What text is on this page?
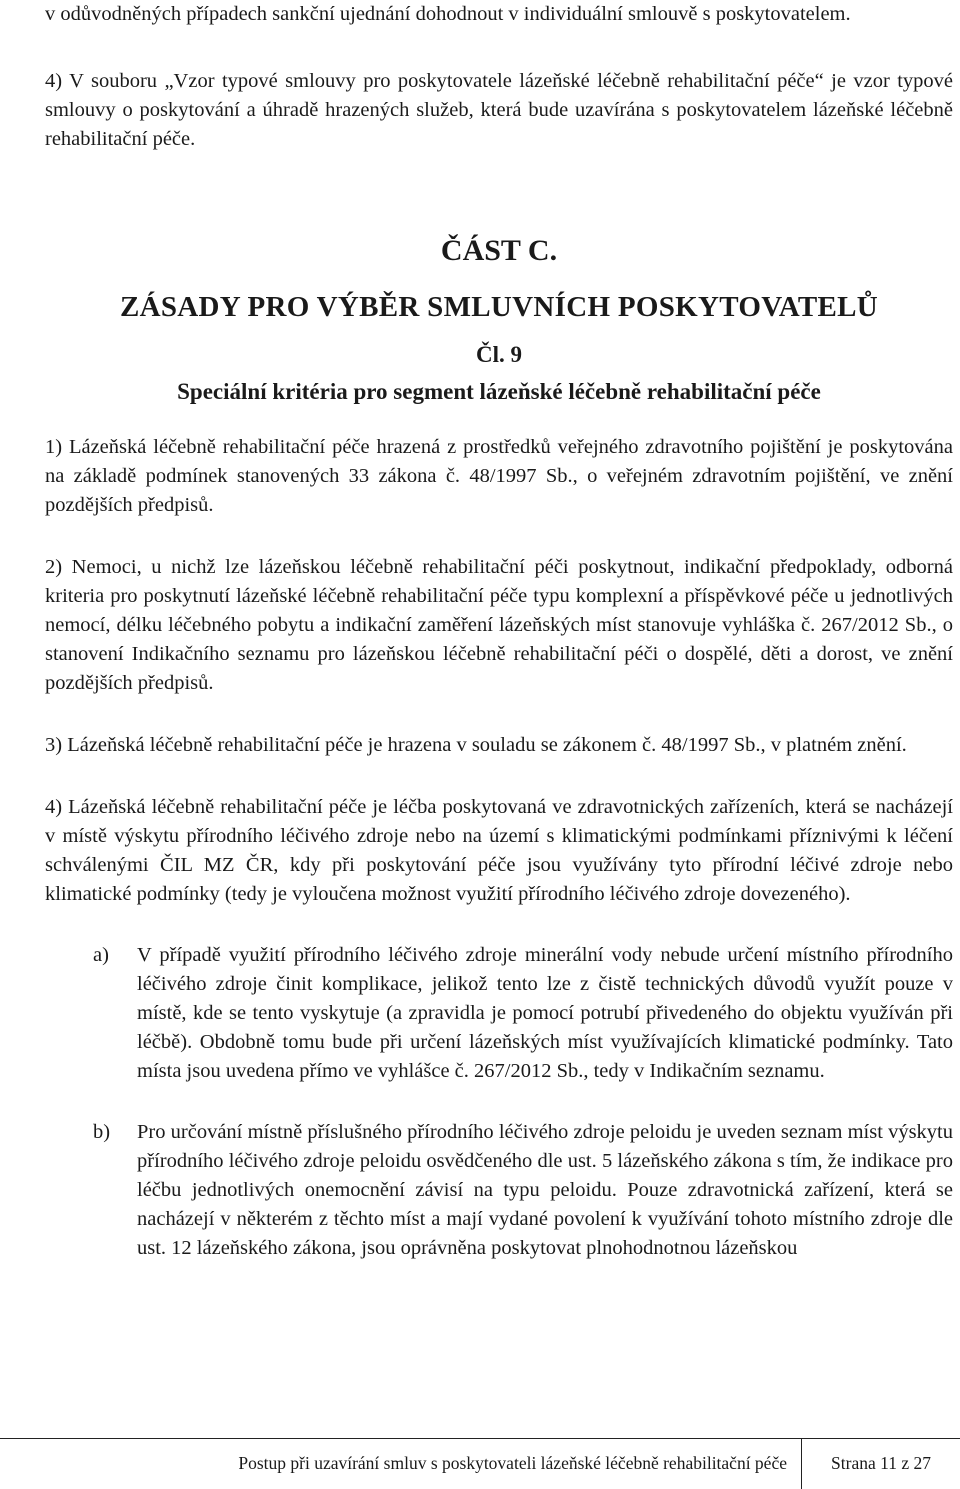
v odůvodněných případech sankční ujednání dohodnout v individuální smlouvě s poskytovatelem.

4) V souboru „Vzor typové smlouvy pro poskytovatele lázeňské léčebně rehabilitační péče“ je vzor typové smlouvy o poskytování a úhradě hrazených služeb, která bude uzavírána s poskytovatelem lázeňské léčebně rehabilitační péče.

ČÁST C.
ZÁSADY PRO VÝBĚR SMLUVNÍCH POSKYTOVATELŮ
Čl. 9
Speciální kritéria pro segment lázeňské léčebně rehabilitační péče

1) Lázeňská léčebně rehabilitační péče hrazená z prostředků veřejného zdravotního pojištění je poskytována na základě podmínek stanovených 33 zákona č. 48/1997 Sb., o veřejném zdravotním pojištění, ve znění pozdějších předpisů.

2) Nemoci, u nichž lze lázeňskou léčebně rehabilitační péči poskytnout, indikační předpoklady, odborná kriteria pro poskytnutí lázeňské léčebně rehabilitační péče typu komplexní a příspěvkové péče u jednotlivých nemocí, délku léčebného pobytu a indikační zaměření lázeňských míst stanovuje vyhláška č. 267/2012 Sb., o stanovení Indikačního seznamu pro lázeňskou léčebně rehabilitační péči o dospělé, děti a dorost, ve znění pozdějších předpisů.

3) Lázeňská léčebně rehabilitační péče je hrazena v souladu se zákonem č. 48/1997 Sb., v platném znění.

4) Lázeňská léčebně rehabilitační péče je léčba poskytovaná ve zdravotnických zařízeních, která se nacházejí v místě výskytu přírodního léčivého zdroje nebo na území s klimatickými podmínkami příznivými k léčení schválenými ČIL MZ ČR, kdy při poskytování péče jsou využívány tyto přírodní léčivé zdroje nebo klimatické podmínky (tedy je vyloučena možnost využití přírodního léčivého zdroje dovezeného).

a) V případě využití přírodního léčivého zdroje minerální vody nebude určení místního přírodního léčivého zdroje činit komplikace, jelikož tento lze z čistě technických důvodů využít pouze v místě, kde se tento vyskytuje (a zpravidla je pomocí potrubí přivedeného do objektu využíván při léčbě). Obdobně tomu bude při určení lázeňských míst využívajících klimatické podmínky. Tato místa jsou uvedena přímo ve vyhlášce č. 267/2012 Sb., tedy v Indikačním seznamu.

b) Pro určování místně příslušného přírodního léčivého zdroje peloidu je uveden seznam míst výskytu přírodního léčivého zdroje peloidu osvědčeného dle ust. 5 lázeňského zákona s tím, že indikace pro léčbu jednotlivých onemocnění závisí na typu peloidu. Pouze zdravotnická zařízení, která se nacházejí v některém z těchto míst a mají vydané povolení k využívání tohoto místního zdroje dle ust. 12 lázeňského zákona, jsou oprávněna poskytovat plnohodnotnou lázeňskou

Postup při uzavírání smluv s poskytovateli lázeňské léčebně rehabilitační péče	Strana 11 z 27
